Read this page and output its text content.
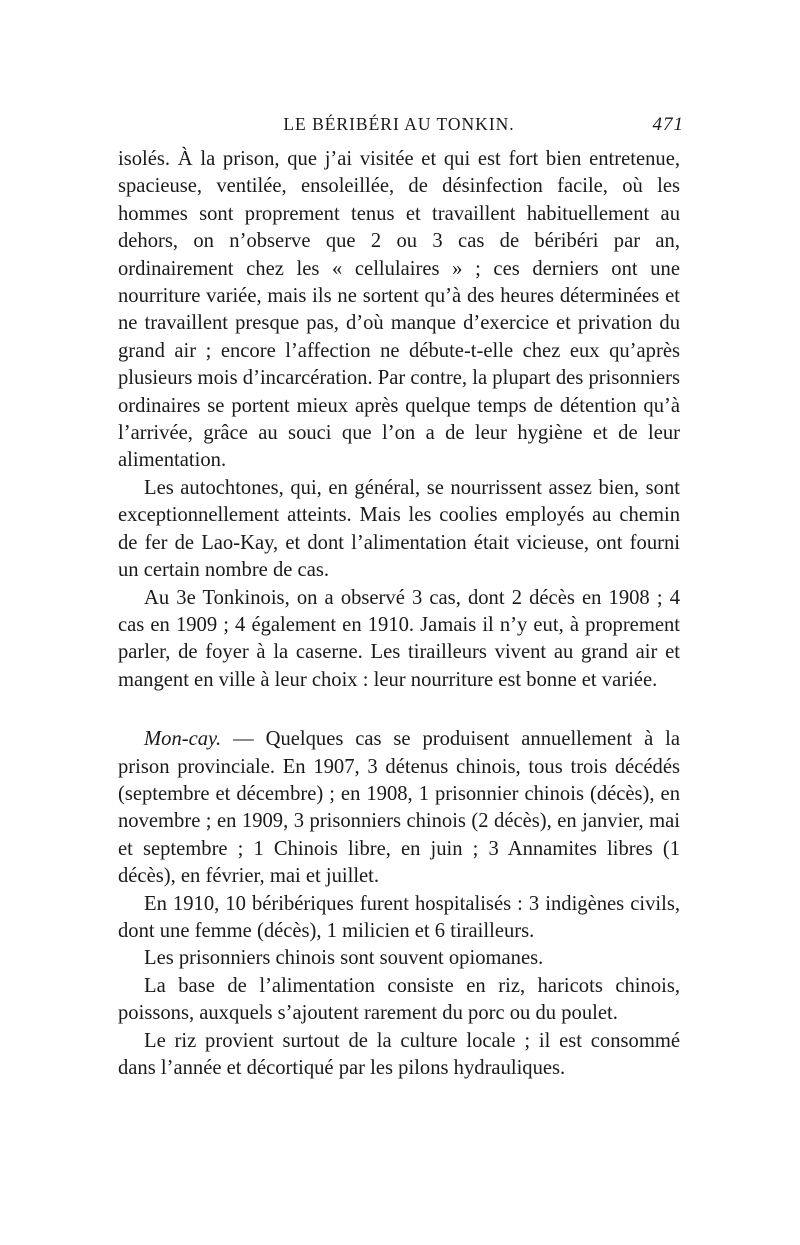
LE BÉRIBÉRI AU TONKIN.	471

isolés. À la prison, que j’ai visitée et qui est fort bien entretenue, spacieuse, ventilée, ensoleillée, de désinfection facile, où les hommes sont proprement tenus et travaillent habituellement au dehors, on n’observe que 2 ou 3 cas de béribéri par an, ordinairement chez les « cellulaires » ; ces derniers ont une nourriture variée, mais ils ne sortent qu’à des heures déterminées et ne travaillent presque pas, d’où manque d’exercice et privation du grand air ; encore l’affection ne débute-t-elle chez eux qu’après plusieurs mois d’incarcération. Par contre, la plupart des prisonniers ordinaires se portent mieux après quelque temps de détention qu’à l’arrivée, grâce au souci que l’on a de leur hygiène et de leur alimentation.

Les autochtones, qui, en général, se nourrissent assez bien, sont exceptionnellement atteints. Mais les coolies employés au chemin de fer de Lao-Kay, et dont l’alimentation était vicieuse, ont fourni un certain nombre de cas.

Au 3e Tonkinois, on a observé 3 cas, dont 2 décès en 1908 ; 4 cas en 1909 ; 4 également en 1910. Jamais il n’y eut, à proprement parler, de foyer à la caserne. Les tirailleurs vivent au grand air et mangent en ville à leur choix : leur nourriture est bonne et variée.

Mon-cay. — Quelques cas se produisent annuellement à la prison provinciale. En 1907, 3 détenus chinois, tous trois décédés (septembre et décembre) ; en 1908, 1 prisonnier chinois (décès), en novembre ; en 1909, 3 prisonniers chinois (2 décès), en janvier, mai et septembre ; 1 Chinois libre, en juin ; 3 Annamites libres (1 décès), en février, mai et juillet.

En 1910, 10 béribériques furent hospitalisés : 3 indigènes civils, dont une femme (décès), 1 milicien et 6 tirailleurs.

Les prisonniers chinois sont souvent opiomanes.

La base de l’alimentation consiste en riz, haricots chinois, poissons, auxquels s’ajoutent rarement du porc ou du poulet.

Le riz provient surtout de la culture locale ; il est consommé dans l’année et décortiqué par les pilons hydrauliques.
